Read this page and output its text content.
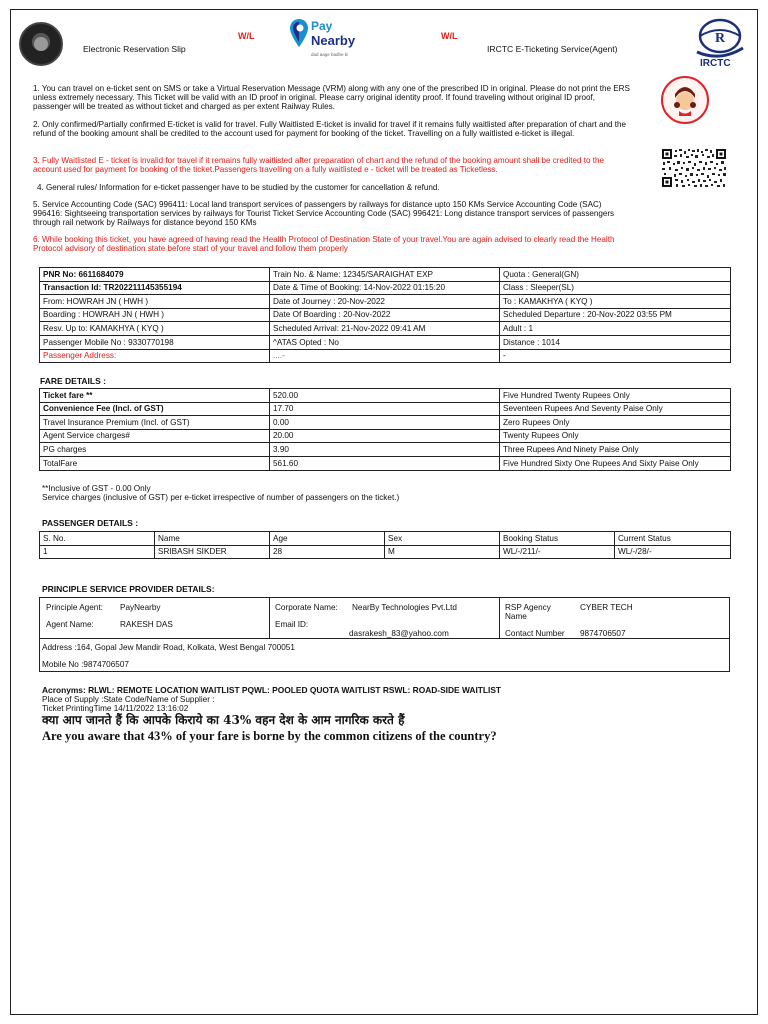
Electronic Reservation Slip
W/L
Pay
Nearby
dad aage badhe ki
W/L
IRCTC E-Ticketing Service(Agent)
R
IRCTC
1. You can travel on e-ticket sent on SMS or take a Virtual Reservation Message (VRM) along with any one of the prescribed ID in original. Please do not print the ERS unless extremely necessary. This Ticket will be valid with an ID proof in original. Please carry original identity proof. If found traveling without original ID proof, passenger will be treated as without ticket and charged as per extent Railway Rules.
2. Only confirmed/Partially confirmed E-ticket is valid for travel. Fully Waitlisted E-ticket is invalid for travel if it remains fully waitlisted after preparation of chart and the refund of the booking amount shall be credited to the account used for payment for booking of the ticket. Travelling on a fully waitlisted e-ticket is illegal.
3. Fully Waitlisted E - ticket is invalid for travel if it remains fully waitlisted after preparation of chart and the refund of the booking amount shall be credited to the account used for payment for booking of the ticket.Passengers travelling on a fully waitlisted e - ticket will be treated as Ticketless.
4. General rules/ Information for e-ticket passenger have to be studied by the customer for cancellation & refund.
5. Service Accounting Code (SAC) 996411: Local land transport services of passengers by railways for distance upto 150 KMs Service Accounting Code (SAC) 996416: Sightseeing transportation services by railways for Tourist Ticket Service Accounting Code (SAC) 996421: Long distance transport services of passengers through rail network by Railways for distance beyond 150 KMs
6. While booking this ticket, you have agreed of having read the Health Protocol of Destination State of your travel.You are again advised to clearly read the Health Protocol advisory of destination state before start of your travel and follow them properly
PNR No: 6611684079	Train No. & Name: 12345/SARAIGHAT EXP	Quota : General(GN)
Transaction Id: TR202211145355194	Date & Time of Booking: 14-Nov-2022 01:15:20	Class : Sleeper(SL)
From: HOWRAH JN ( HWH )	Date of Journey : 20-Nov-2022	To : KAMAKHYA ( KYQ )
Boarding : HOWRAH JN ( HWH )	Date Of Boarding : 20-Nov-2022	Scheduled Departure : 20-Nov-2022 03:55 PM
Resv. Up to: KAMAKHYA ( KYQ )	Scheduled Arrival: 21-Nov-2022 09:41 AM	Adult : 1
Passenger Mobile No : 9330770198	^ATAS Opted : No	Distance : 1014
Passenger Address:	....-	-
FARE DETAILS :
Ticket fare **	520.00	Five Hundred Twenty Rupees Only
Convenience Fee (Incl. of GST)	17.70	Seventeen Rupees And Seventy Paise Only
Travel Insurance Premium (Incl. of GST)	0.00	Zero Rupees Only
Agent Service charges#	20.00	Twenty Rupees Only
PG charges	3.90	Three Rupees And Ninety Paise Only
TotalFare	561.60	Five Hundred Sixty One Rupees And Sixty Paise Only
**Inclusive of GST - 0.00 Only
Service charges (inclusive of GST) per e-ticket irrespective of number of passengers on the ticket.)
PASSENGER DETAILS :
S. No.	Name	Age	Sex	Booking Status	Current Status
1	SRIBASH SIKDER	28	M	WL/-/211/-	WL/-/28/-
PRINCIPLE SERVICE PROVIDER DETAILS:
Principle Agent: PayNearby
Agent Name:	RAKESH DAS
Corporate Name: NearBy Technologies Pvt.Ltd
Email ID:
dasrakesh_83@yahoo.com
RSP Agency Name
CYBER TECH
Contact Number 9874706507
Address :164, Gopal Jew Mandir Road, Kolkata, West Bengal 700051
Mobile No :9874706507
Acronyms: RLWL: REMOTE LOCATION WAITLIST PQWL: POOLED QUOTA WAITLIST RSWL: ROAD-SIDE WAITLIST
Place of Supply :State Code/Name of Supplier :
Ticket PrintingTime 14/11/2022 13:16:02
क्या आप जानते हैं कि आपके किराये का 43% वहन देश के आम नागरिक करते हैं
Are you aware that 43% of your fare is borne by the common citizens of the country?
